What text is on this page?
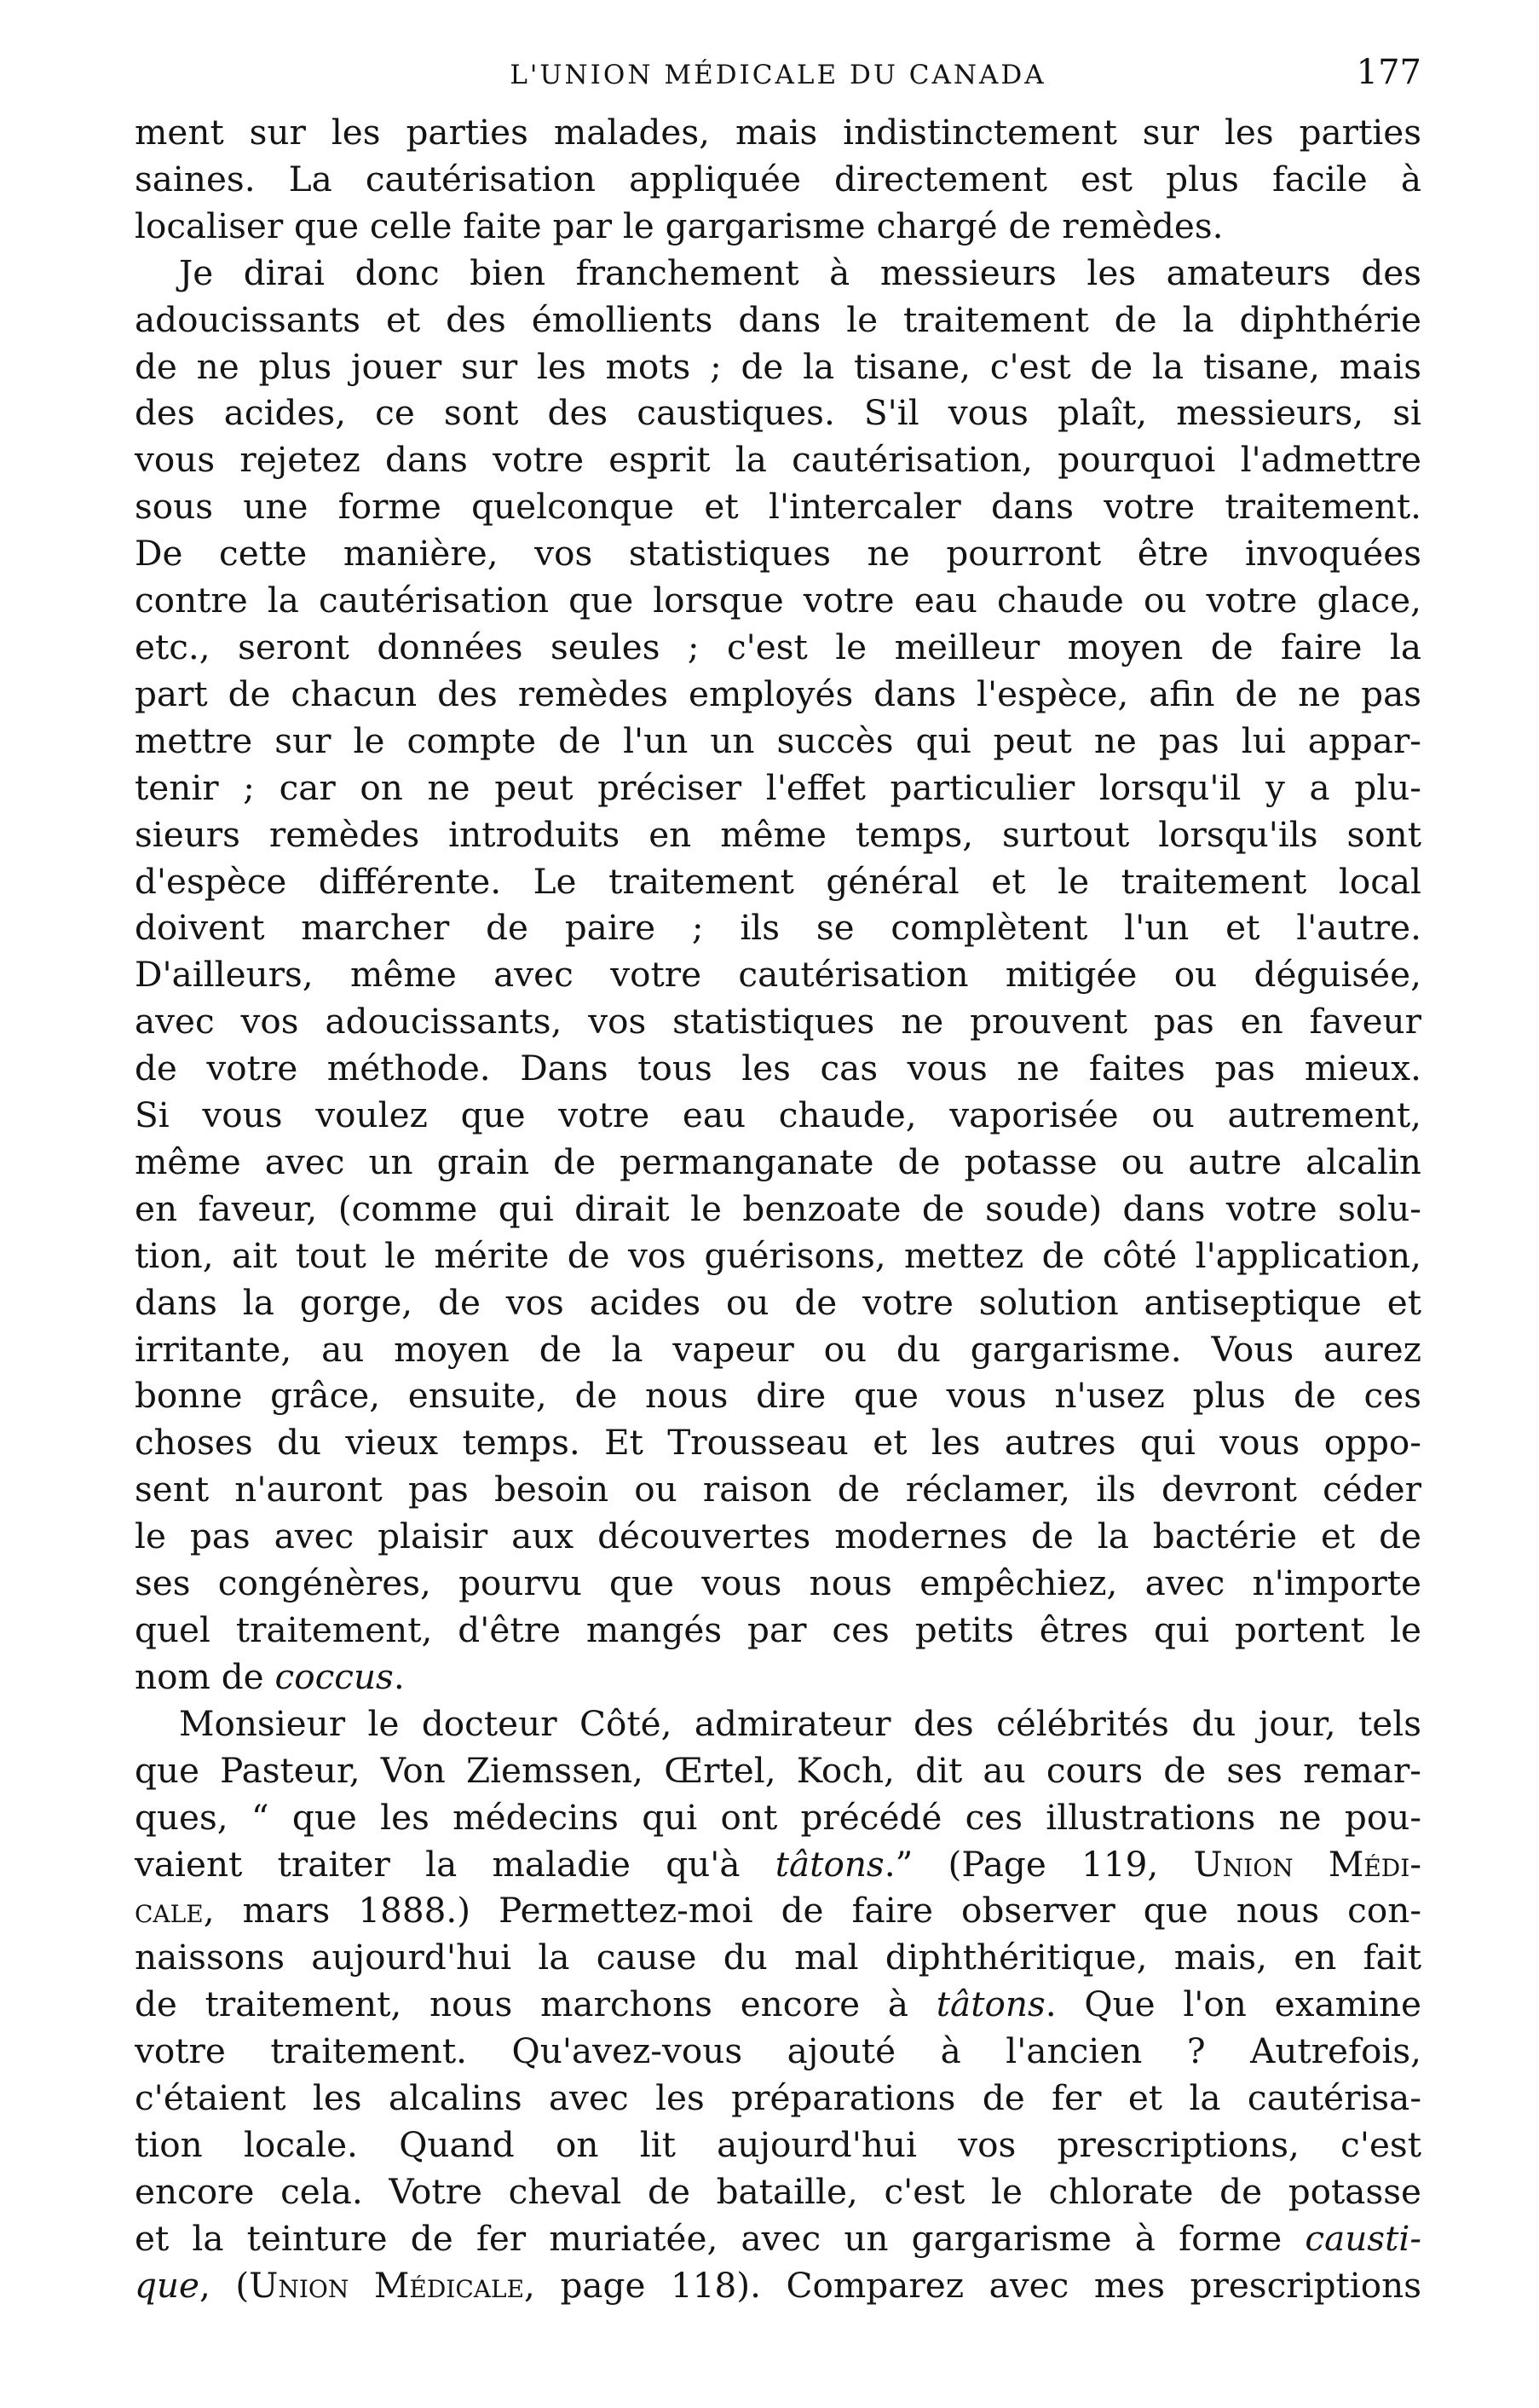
L'UNION MÉDICALE DU CANADA	177
ment sur les parties malades, mais indistinctement sur les parties
saines. La cautérisation appliquée directement est plus facile à
localiser que celle faite par le gargarisme chargé de remèdes.
Je dirai donc bien franchement à messieurs les amateurs des
adoucissants et des émollients dans le traitement de la diphthérie
de ne plus jouer sur les mots ; de la tisane, c'est de la tisane, mais
des acides, ce sont des caustiques. S'il vous plaît, messieurs, si
vous rejetez dans votre esprit la cautérisation, pourquoi l'admettre
sous une forme quelconque et l'intercaler dans votre traitement.
De cette manière, vos statistiques ne pourront être invoquées
contre la cautérisation que lorsque votre eau chaude ou votre glace,
etc., seront données seules ; c'est le meilleur moyen de faire la
part de chacun des remèdes employés dans l'espèce, afin de ne pas
mettre sur le compte de l'un un succès qui peut ne pas lui appar-
tenir ; car on ne peut préciser l'effet particulier lorsqu'il y a plu-
sieurs remèdes introduits en même temps, surtout lorsqu'ils sont
d'espèce différente. Le traitement général et le traitement local
doivent marcher de paire ; ils se complètent l'un et l'autre.
D'ailleurs, même avec votre cautérisation mitigée ou déguisée,
avec vos adoucissants, vos statistiques ne prouvent pas en faveur
de votre méthode. Dans tous les cas vous ne faites pas mieux.
Si vous voulez que votre eau chaude, vaporisée ou autrement,
même avec un grain de permanganate de potasse ou autre alcalin
en faveur, (comme qui dirait le benzoate de soude) dans votre solu-
tion, ait tout le mérite de vos guérisons, mettez de côté l'application,
dans la gorge, de vos acides ou de votre solution antiseptique et
irritante, au moyen de la vapeur ou du gargarisme. Vous aurez
bonne grâce, ensuite, de nous dire que vous n'usez plus de ces
choses du vieux temps. Et Trousseau et les autres qui vous oppo-
sent n'auront pas besoin ou raison de réclamer, ils devront céder
le pas avec plaisir aux découvertes modernes de la bactérie et de
ses congénères, pourvu que vous nous empêchiez, avec n'importe
quel traitement, d'être mangés par ces petits êtres qui portent le
nom de coccus.
Monsieur le docteur Côté, admirateur des célébrités du jour, tels
que Pasteur, Von Ziemssen, Œrtel, Koch, dit au cours de ses remar-
ques, “ que les médecins qui ont précédé ces illustrations ne pou-
vaient traiter la maladie qu'à tâtons.” (Page 119, Union Médi-
cale, mars 1888.) Permettez-moi de faire observer que nous con-
naissons aujourd'hui la cause du mal diphthéritique, mais, en fait
de traitement, nous marchons encore à tâtons. Que l'on examine
votre traitement. Qu'avez-vous ajouté à l'ancien ? Autrefois,
c'étaient les alcalins avec les préparations de fer et la cautérisa-
tion locale. Quand on lit aujourd'hui vos prescriptions, c'est
encore cela. Votre cheval de bataille, c'est le chlorate de potasse
et la teinture de fer muriatée, avec un gargarisme à forme causti-
que, (Union Médicale, page 118). Comparez avec mes prescriptions
